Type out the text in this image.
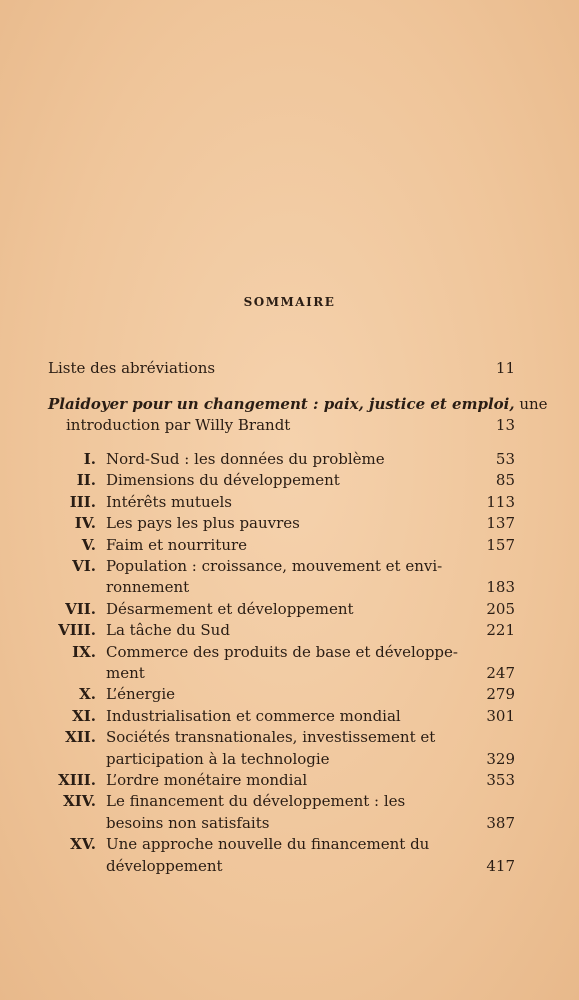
SOMMAIRE
Liste des abréviations	11
Plaidoyer pour un changement : paix, justice et emploi, une
introduction par Willy Brandt	13
I. Nord-Sud : les données du problème	53
II. Dimensions du développement	85
III. Intérêts mutuels	113
IV. Les pays les plus pauvres	137
V. Faim et nourriture	157
VI. Population : croissance, mouvement et envi-
ronnement	183
VII. Désarmement et développement	205
VIII. La tâche du Sud	221
IX. Commerce des produits de base et développe-
ment	247
X. L’énergie	279
XI. Industrialisation et commerce mondial	301
XII. Sociétés transnationales, investissement et
participation à la technologie	329
XIII. L’ordre monétaire mondial	353
XIV. Le financement du développement : les
besoins non satisfaits	387
XV. Une approche nouvelle du financement du
développement	417
